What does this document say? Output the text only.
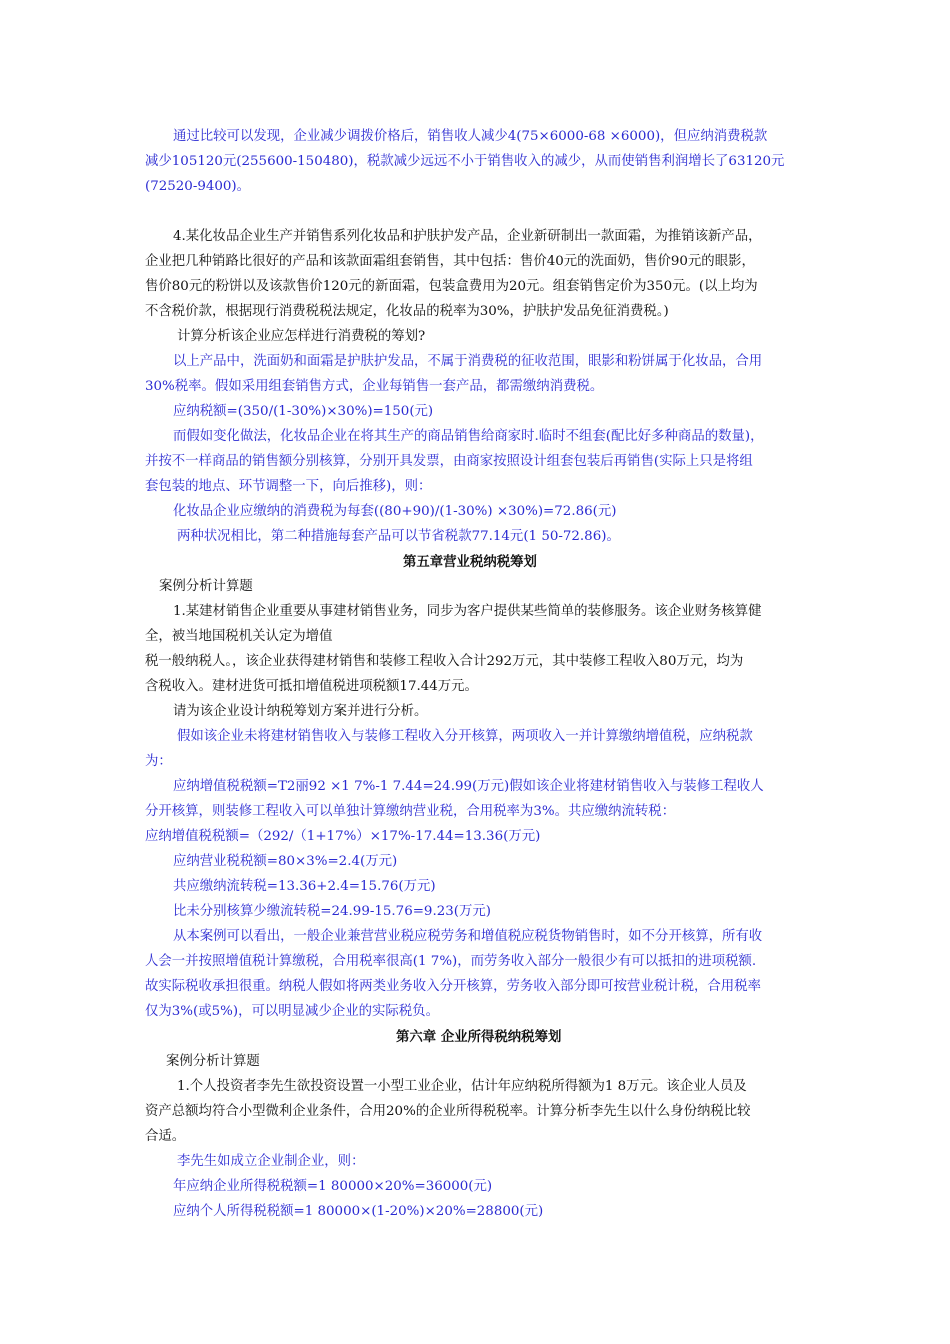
通过比较可以发现，企业减少调拨价格后，销售收人减少4(75×6000-68 ×6000)，但应纳消费税款
减少105120元(255600-150480)，税款减少远远不小于销售收入的减少，从而使销售利润增长了63120元
(72520-9400)。
4.某化妆品企业生产并销售系列化妆品和护肤护发产品，企业新研制出一款面霜，为推销该新产品，
企业把几种销路比很好的产品和该款面霜组套销售，其中包括：售价40元的洗面奶，售价90元的眼影，
售价80元的粉饼以及该款售价120元的新面霜，包装盒费用为20元。组套销售定价为350元。(以上均为
不含税价款，根据现行消费税税法规定，化妆品的税率为30%，护肤护发品免征消费税。)
计算分析该企业应怎样进行消费税的筹划?
以上产品中，洗面奶和面霜是护肤护发品，不属于消费税的征收范围，眼影和粉饼属于化妆品，合用
30%税率。假如采用组套销售方式，企业每销售一套产品，都需缴纳消费税。
应纳税额=(350/(1-30%)×30%)=150(元)
而假如变化做法，化妆品企业在将其生产的商品销售给商家时.临时不组套(配比好多种商品的数量)，
并按不一样商品的销售额分别核算，分别开具发票，由商家按照设计组套包装后再销售(实际上只是将组
套包装的地点、环节调整一下，向后推移)，则：
化妆品企业应缴纳的消费税为每套((80+90)/(1-30%) ×30%)=72.86(元)
两种状况相比，第二种措施每套产品可以节省税款77.14元(1 50-72.86)。
第五章营业税纳税筹划
案例分析计算题
1.某建材销售企业重要从事建材销售业务，同步为客户提供某些简单的装修服务。该企业财务核算健
全，被当地国税机关认定为增值
税一般纳税人。，该企业获得建材销售和装修工程收入合计292万元，其中装修工程收入80万元，均为
含税收入。建材进货可抵扣增值税进项税额17.44万元。
请为该企业设计纳税筹划方案并进行分析。
假如该企业未将建材销售收入与装修工程收入分开核算，两项收入一并计算缴纳增值税，应纳税款
为：
应纳增值税税额=T2丽92 ×1 7%-1 7.44=24.99(万元)假如该企业将建材销售收入与装修工程收人
分开核算，则装修工程收入可以单独计算缴纳营业税，合用税率为3%。共应缴纳流转税：
应纳增值税税额=（292/（1+17%）×17%-17.44=13.36(万元)
应纳营业税税额=80×3%=2.4(万元)
共应缴纳流转税=13.36+2.4=15.76(万元)
比未分别核算少缴流转税=24.99-15.76=9.23(万元)
从本案例可以看出，一般企业兼营营业税应税劳务和增值税应税货物销售时，如不分开核算，所有收
人会一并按照增值税计算缴税，合用税率很高(1 7%)，而劳务收入部分一般很少有可以抵扣的进项税额.
故实际税收承担很重。纳税人假如将两类业务收入分开核算，劳务收入部分即可按营业税计税，合用税率
仅为3%(或5%)，可以明显减少企业的实际税负。
第六章 企业所得税纳税筹划
案例分析计算题
1.个人投资者李先生欲投资设置一小型工业企业，估计年应纳税所得额为1 8万元。该企业人员及
资产总额均符合小型微利企业条件，合用20%的企业所得税税率。计算分析李先生以什么身份纳税比较
合适。
李先生如成立企业制企业，则：
年应纳企业所得税税额=1 80000×20%=36000(元)
应纳个人所得税税额=1 80000×(1-20%)×20%=28800(元)
